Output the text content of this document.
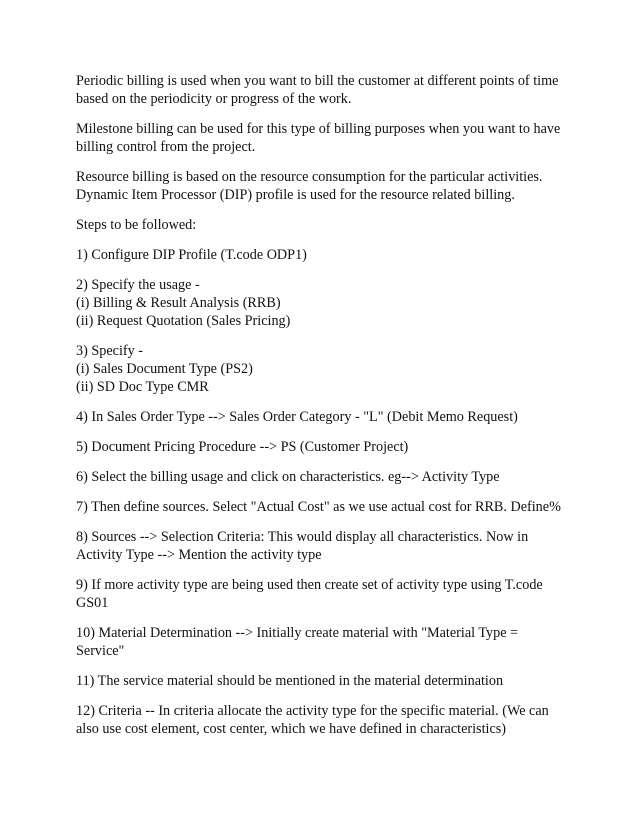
Periodic billing is used when you want to bill the customer at different points of time
based on the periodicity or progress of the work.
Milestone billing can be used for this type of billing purposes when you want to have
billing control from the project.
Resource billing is based on the resource consumption for the particular activities.
Dynamic Item Processor (DIP) profile is used for the resource related billing.
Steps to be followed:
1) Configure DIP Profile (T.code ODP1)
2) Specify the usage -
(i) Billing & Result Analysis (RRB)
(ii) Request Quotation (Sales Pricing)
3) Specify -
(i) Sales Document Type (PS2)
(ii) SD Doc Type CMR
4) In Sales Order Type --> Sales Order Category - "L" (Debit Memo Request)
5) Document Pricing Procedure --> PS (Customer Project)
6) Select the billing usage and click on characteristics. eg--> Activity Type
7) Then define sources. Select "Actual Cost" as we use actual cost for RRB. Define%
8) Sources --> Selection Criteria: This would display all characteristics. Now in
Activity Type --> Mention the activity type
9) If more activity type are being used then create set of activity type using T.code
GS01
10) Material Determination --> Initially create material with "Material Type =
Service"
11) The service material should be mentioned in the material determination
12) Criteria -- In criteria allocate the activity type for the specific material. (We can
also use cost element, cost center, which we have defined in characteristics)
